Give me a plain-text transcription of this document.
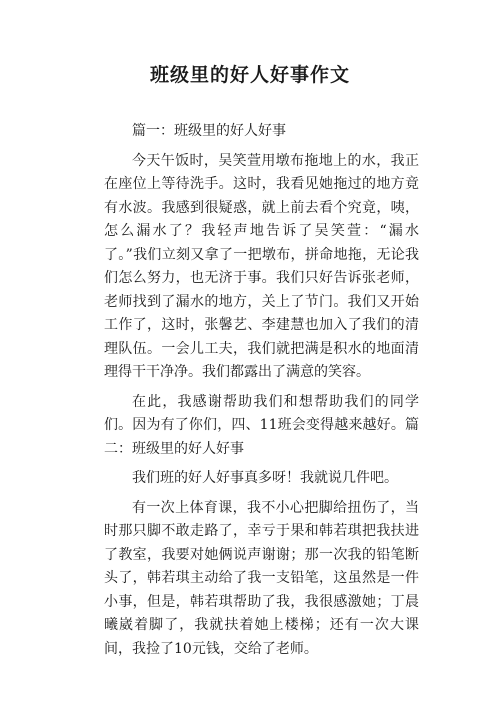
班级里的好人好事作文

篇一：班级里的好人好事

今天午饭时，吴笑萱用墩布拖地上的水，我正在座位上等待洗手。这时，我看见她拖过的地方竟有水波。我感到很疑惑，就上前去看个究竟，咦，怎么漏水了？我轻声地告诉了吴笑萱：“漏水了。”我们立刻又拿了一把墩布，拼命地拖，无论我们怎么努力，也无济于事。我们只好告诉张老师，老师找到了漏水的地方，关上了节门。我们又开始工作了，这时，张馨艺、李建慧也加入了我们的清理队伍。一会儿工夫，我们就把满是积水的地面清理得干干净净。我们都露出了满意的笑容。

在此，我感谢帮助我们和想帮助我们的同学们。因为有了你们，四、11班会变得越来越好。篇二：班级里的好人好事

我们班的好人好事真多呀！我就说几件吧。

有一次上体育课，我不小心把脚给扭伤了，当时那只脚不敢走路了，幸亏于果和韩若琪把我扶进了教室，我要对她俩说声谢谢；那一次我的铅笔断头了，韩若琪主动给了我一支铅笔，这虽然是一件小事，但是，韩若琪帮助了我，我很感激她；丁晨曦崴着脚了，我就扶着她上楼梯；还有一次大课间，我捡了10元钱，交给了老师。
